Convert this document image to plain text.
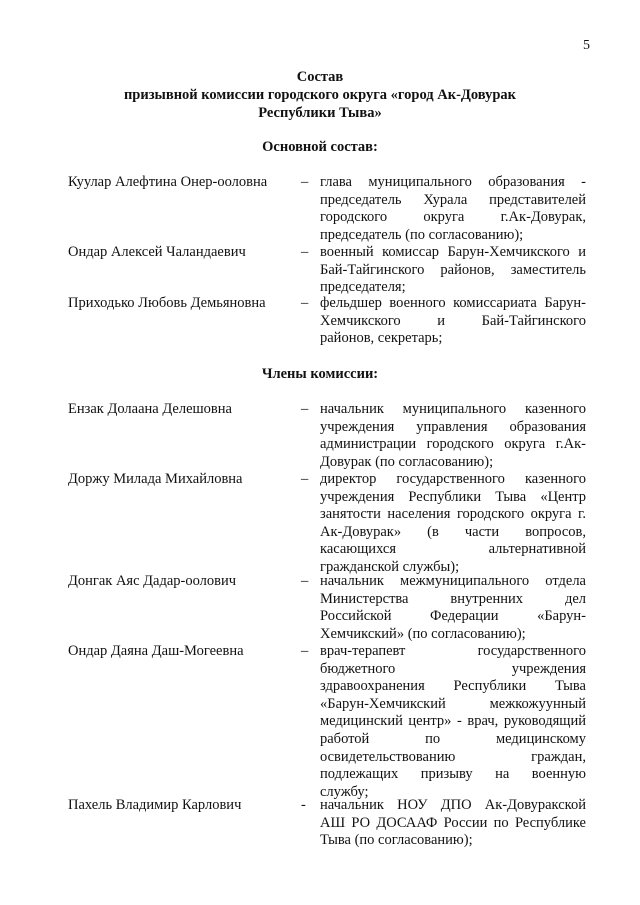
5
Состав
призывной комиссии городского округа «город Ак-Довурак
Республики Тыва»
Основной состав:
Куулар Алефтина Онер-ооловна – глава муниципального образования -
председатель Хурала представителей
городского округа г.Ак-Довурак,
председатель (по согласованию);
Ондар Алексей Чаландаевич	– военный комиссар Барун-Хемчикского и
Бай-Тайгинского районов, заместитель
председателя;
Приходько Любовь Демьяновна – фельдшер военного комиссариата Барун-
Хемчикского и Бай-Тайгинского
районов, секретарь;
Члены комиссии:
Ензак Долаана Делешовна	– начальник муниципального казенного
учреждения управления образования
администрации городского округа г.Ак-
Довурак (по согласованию);
Доржу Милада Михайловна	– директор государственного казенного
учреждения Республики Тыва «Центр
занятости населения городского округа г.
Ак-Довурак» (в части вопросов,
касающихся альтернативной
гражданской службы);
Донгак Аяс Дадар-оолович	– начальник межмуниципального отдела
Министерства внутренних дел
Российской Федерации «Барун-
Хемчикский» (по согласованию);
Ондар Даяна Даш-Могеевна	– врач-терапевт государственного
бюджетного учреждения
здравоохранения Республики Тыва
«Барун-Хемчикский межкожуунный
медицинский центр» - врач, руководящий
работой по медицинскому
освидетельствованию граждан,
подлежащих призыву на военную
службу;
Пахель Владимир Карлович	- начальник НОУ ДПО Ак-Довуракской
АШ РО ДОСААФ России по Республике
Тыва (по согласованию);
